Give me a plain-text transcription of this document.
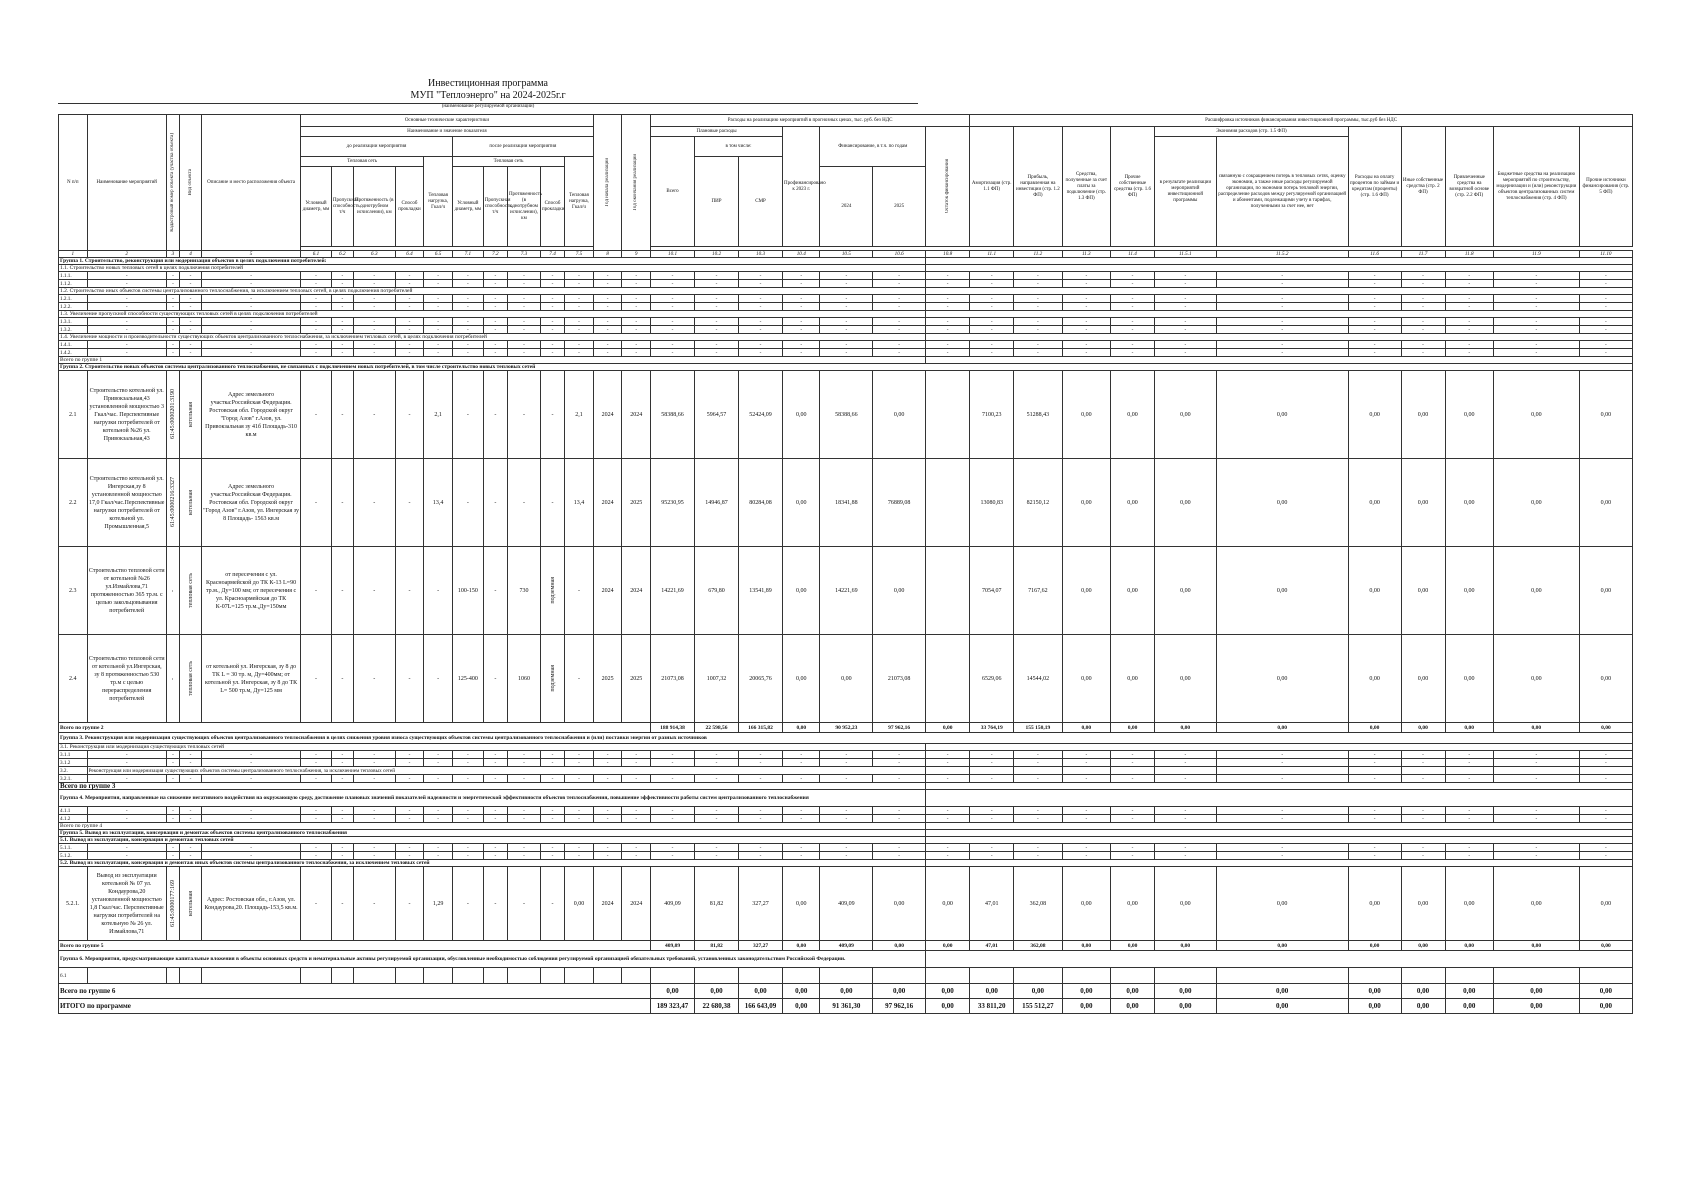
Инвестиционная программа
МУП "Теплоэнерго" на 2024-2025г.г
(наименование регулируемой организации)
N п/п	Наименование мероприятий	Кадастровый номер объекта (участка объекта)	Вид объекта	Описание и место расположения объекта	Основные технические характеристики										Год начала реализации	Год окончания реализации	Расходы на реализацию мероприятий в прогнозных ценах, тыс. руб. без НДС							Расшифровка источников финансирования инвестиционной программы, тыс.руб без НДС										
					Наименование и значение показателя												Плановые расходы			Профинансировано к 2023 г.	Финансирование, в т.ч. по годам		Остаток финансирования	Амортизация (стр. 1.1 ФП)	Прибыль, направленная на инвестиции (стр. 1.2 ФП)	Средства, полученные за счет платы за подключение (стр. 1.3 ФП)	Прочие собственные средства (стр. 1.6 ФП)	Экономия расходов (стр. 1.5 ФП)		Расходы на оплату процентов по займам и кредитам (проценты) (стр. 1.6 ФП)	Иные собственные средства (стр. 2 ФП)	Привлеченные средства на возвратной основе (стр. 2.2 ФП)	Бюджетные средства на реализацию мероприятий по строительству, модернизации и (или) реконструкции объектов централизованных систем теплоснабжения (стр. 4 ФП)	Прочие источники финансирования (стр. 5 ФП)
					до реализации мероприятия					после реализации мероприятия							Всего	в том числе:										в результате реализации мероприятий инвестиционной программы	связанную с сокращением потерь в тепловых сетях, оценку экономии, а также иные расходы регулируемой организации, по экономии потерь тепловой энергии, распределение расходов между регулируемой организацией и абонентами, подлежащими учету в тарифах, полученными за счет нее, нет					
					Тепловая сеть				Тепловая нагрузка, Гкал/ч	Тепловая сеть				Тепловая нагрузка, Гкал/ч				ПИР	СМР															
					Условный диаметр, мм	Пропускная способность, т/ч	Протяженность (в однотрубном исчислении), км	Способ прокладки		Условный диаметр, мм	Пропускная способность, т/ч	Протяженность (в однотрубном исчислении), км	Способ прокладки								2024	2025												

1	2	3	4	5	6.1	6.2	6.3	6.4	6.5	7.1	7.2	7.3	7.4	7.5	8	9	10.1	10.2	10.3	10.4	10.5	10.6	10.8	11.1	11.2	11.3	11.4	11.5.1	11.5.2	11.6	11.7	11.8	11.9	11.10
Группа 1. Строительство, реконструкция или модернизация объектов в целях подключения потребителей:																																		
1.1. Строительство новых тепловых сетей в целях подключения потребителей																																		
1.1.1.	-	-	-	-	-	-	-	-	-	-	-	-	-	-	-	-	-	-	-	-	-	-	-	-	-	-	-	-	-	-	-	-	-	-
1.1.2.	-	-	-	-	-	-	-	-	-	-	-	-	-	-	-	-	-	-	-	-	-	-	-	-	-	-	-	-	-	-	-	-	-	-
1.2. Строительство иных объектов системы централизованного теплоснабжения, за исключением тепловых сетей, в целях подключения потребителей																																		
1.2.1.	-	-	-	-	-	-	-	-	-	-	-	-	-	-	-	-	-	-	-	-	-	-	-	-	-	-	-	-	-	-	-	-	-	-
1.2.2.	-	-	-	-	-	-	-	-	-	-	-	-	-	-	-	-	-	-	-	-	-	-	-	-	-	-	-	-	-	-	-	-	-	-
1.3. Увеличение пропускной способности существующих тепловых сетей в целях подключения потребителей																																		
1.3.1.	-	-	-	-	-	-	-	-	-	-	-	-	-	-	-	-	-	-	-	-	-	-	-	-	-	-	-	-	-	-	-	-	-	-
1.3.2.	-	-	-	-	-	-	-	-	-	-	-	-	-	-	-	-	-	-	-	-	-	-	-	-	-	-	-	-	-	-	-	-	-	-
1.4. Увеличение мощности и производительности существующих объектов централизованного теплоснабжения, за исключением тепловых сетей, в целях подключения потребителей																																		
1.4.1.	-	-	-	-	-	-	-	-	-	-	-	-	-	-	-	-	-	-	-	-	-	-	-	-	-	-	-	-	-	-	-	-	-	-
1.4.2.	-	-	-	-	-	-	-	-	-	-	-	-	-	-	-	-	-	-	-	-	-	-	-	-	-	-	-	-	-	-	-	-	-	-
Всего по группе 1																																		
Группа 2. Строительство новых объектов системы централизованного теплоснабжения, не связанных с подключением новых потребителей, в том числе строительство новых тепловых сетей																																		
2.1	Строительство котельной ул. Привокзальная,43 установленной мощностью 3 Гкал/час. Перспективные нагрузки потребителей от котельной №26 ул. Привокзальная,43	61:45:0000201:3190	котельная	Адрес земельного участка:Российская Федерация. Ростовская обл. Городской округ "Город Азов" г.Азов, ул. Привокзальная зу 41б Площадь-310 кв.м	-	-	-	-	2,1	-	-	-	-	2,1	2024	2024	58388,66	5964,57	52424,09	0,00	58388,66	0,00		7100,23	51288,43	0,00	0,00	0,00	0,00	0,00	0,00	0,00	0,00	0,00
2.2	Строительство котельной ул. Ингерская,зу 8 установленной мощностью 17,0 Гкал/час.Перспективные нагрузки потребителей от котельной ул. Промышленная,5	61:45:0000216:3327	котельная	Адрес земельного участка:Российская Федерация. Ростовская обл. Городской округ "Город Азов" г.Азов, ул. Ингерская зу 8 Площадь- 1563 кв.м	-	-	-	-	13,4	-	-	-	-	13,4	2024	2025	95230,95	14946,87	80284,08	0,00	18341,88	76889,08		13080,83	82150,12	0,00	0,00	0,00	0,00	0,00	0,00	0,00	0,00	0,00
2.3	Строительство тепловой сети от котельной №26 ул.Измайлова,71 протяженностью 365 тр.м. с целью закольцовывания потребителей	-	тепловая сеть	от пересечения с ул. Красноармейской до ТК К-13 L=90 тр.м., Ду=100 мм; от пересечения с ул. Красноармейская до ТК К-07L=125 тр.м.,Ду=150мм	-	-	-	-	-	100-150	-	730	подземная	-	2024	2024	14221,69	679,80	13541,89	0,00	14221,69	0,00		7054,07	7167,62	0,00	0,00	0,00	0,00	0,00	0,00	0,00	0,00	0,00
2.4	Строительство тепловой сети от котельной ул.Ингерская, зу 8 протяженностью 530 тр.м с целью перераспределения потребителей	-	тепловая сеть	от котельной ул. Ингерская, зу 8 до ТК L = 30 тр. м, Ду=400мм; от котельной ул. Ингерская, зу 8 до ТК L= 500 тр.м, Ду=125 мм	-	-	-	-	-	125-400	-	1060	подземная	-	2025	2025	21073,08	1007,32	20065,76	0,00	0,00	21073,08		6529,06	14544,02	0,00	0,00	0,00	0,00	0,00	0,00	0,00	0,00	0,00
Всего по группе 2																	188 914,38	22 598,56	166 315,82	0,00	90 952,23	97 962,16	0,00	33 764,19	155 150,19	0,00	0,00	0,00	0,00	0,00	0,00	0,00	0,00	0,00
Группа 3. Реконструкция или модернизация существующих объектов централизованного теплоснабжения в целях снижения уровня износа существующих объектов системы централизованного теплоснабжения и (или) поставки энергии от разных источников																																		
3.1. Реконструкция или модернизация существующих тепловых сетей																																		
3.1.1	-	-	-	-	-	-	-	-	-	-	-	-	-	-	-	-	-	-	-	-	-	-	-	-	-	-	-	-	-	-	-	-	-	-
3.1.2	-	-	-	-	-	-	-	-	-	-	-	-	-	-	-	-	-	-	-	-	-	-	-	-	-	-	-	-	-	-	-	-	-	-
3.2.	Реконструкция или модернизация существующих объектов системы централизованного теплоснабжения, за исключением тепловых сетей																																	
3.2.1.	-	-	-	-	-	-	-	-	-	-	-	-	-	-	-	-	-	-	-	-	-	-	-	-	-	-	-	-	-	-	-	-	-	-
Всего по группе 3																																		
Группа 4. Мероприятия, направленные на снижение негативного воздействия на окружающую среду, достижение плановых значений показателей надежности и энергетической эффективности объектов теплоснабжения, повышение эффективности работы систем централизованного теплоснабжения																																		
4.1.1	-	-	-	-	-	-	-	-	-	-	-	-	-	-	-	-	-	-	-	-	-	-	-	-	-	-	-	-	-	-	-	-	-	-
4.1.2	-	-	-	-	-	-	-	-	-	-	-	-	-	-	-	-	-	-	-	-	-	-	-	-	-	-	-	-	-	-	-	-	-	-
Всего по группе 4																																		
Группа 5. Вывод из эксплуатации, консервация и демонтаж объектов системы централизованного теплоснабжения																																		
5.1. Вывод из эксплуатации, консервация и демонтаж тепловых сетей																																		
5.1.1.	-	-	-	-	-	-	-	-	-	-	-	-	-	-	-	-	-	-	-	-	-	-	-	-	-	-	-	-	-	-	-	-	-	-
5.1.2.	-	-	-	-	-	-	-	-	-	-	-	-	-	-	-	-	-	-	-	-	-	-	-	-	-	-	-	-	-	-	-	-	-	-
5.2. Вывод из эксплуатации, консервация и демонтаж иных объектов системы централизованного теплоснабжения, за исключением тепловых сетей																																		
5.2.1.	Вывод из эксплуатации котельной № 07 ул. Кондаурова,20 установленной мощностью 1,8 Гкал/час. Перспективные нагрузки потребителей на котельную № 26 ул. Измайлова,71	61:45:0000177:169	котельная	Адрес: Ростовская обл., г.Азов, ул. Кондаурова,20. Площадь-153,5 кв.м.	-	-	-	-	1,29	-	-	-	-	0,00	2024	2024	409,09	81,82	327,27	0,00	409,09	0,00	0,00	47,01	362,08	0,00	0,00	0,00	0,00	0,00	0,00	0,00	0,00	0,00
Всего по группе 5																	409,09	81,82	327,27	0,00	409,09	0,00	0,00	47,01	362,08	0,00	0,00	0,00	0,00	0,00	0,00	0,00	0,00	0,00
Группа 6. Мероприятия, предусматривающие капитальные вложения в объекты основных средств и нематериальные активы регулируемой организации, обусловленные необходимостью соблюдения регулируемой организацией обязательных требований, установленных законодательством Российской Федерации.																																		
6.1																																		
Всего по группе 6																	0,00	0,00	0,00	0,00	0,00	0,00	0,00	0,00	0,00	0,00	0,00	0,00	0,00	0,00	0,00	0,00	0,00	0,00
ИТОГО по программе																	189 323,47	22 680,38	166 643,09	0,00	91 361,30	97 962,16	0,00	33 811,20	155 512,27	0,00	0,00	0,00	0,00	0,00	0,00	0,00	0,00	0,00
